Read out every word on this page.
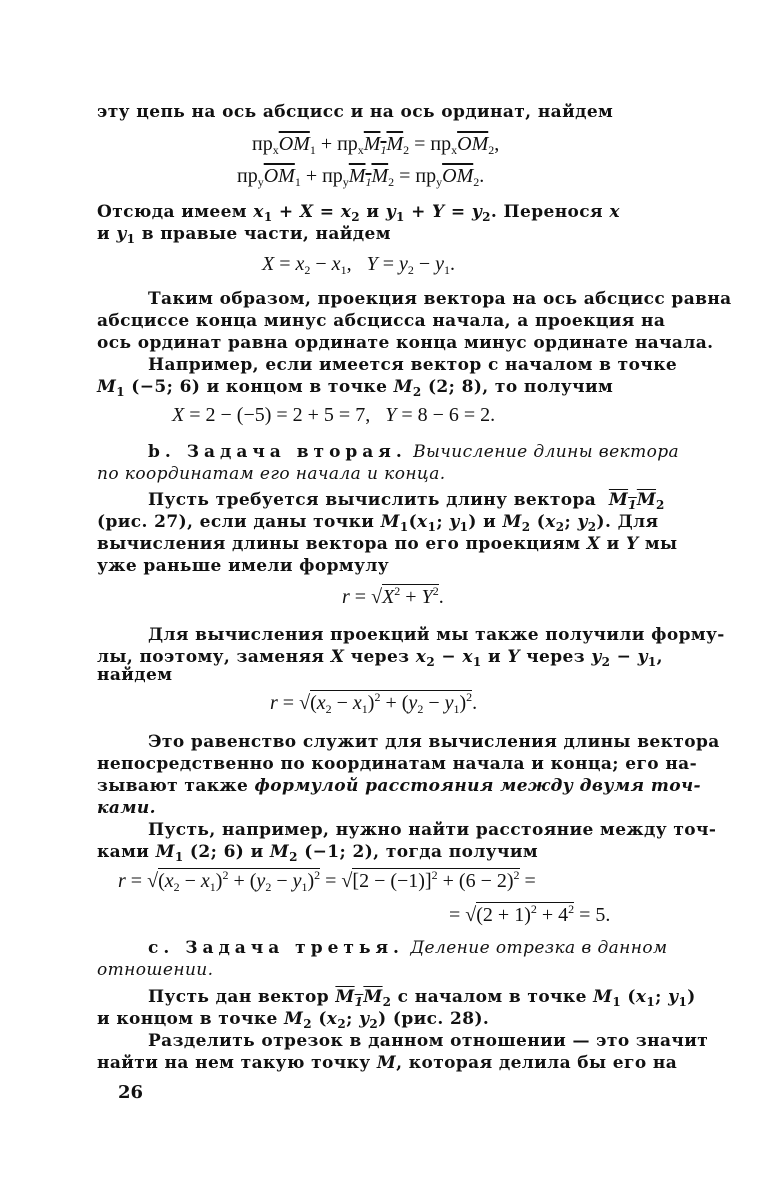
эту цепь на ось абсцисс и на ось ординат, найдем
$пр_x\overline{OM}_1 + пр_xM_1M_2 = пр_x\overline{OM}_2$,
$пр_y\overline{OM}_1 + пр_yM_1M_2 = пр_y\overline{OM}_2$.
Отсюда имеем $x_1 + X = x_2$ и $y_1 + Y = y_2$. Перенося x
и $y_1$ в правые части, найдем
$X = x_2 - x_1$,   $Y = y_2 - y_1$.
Таким образом, проекция вектора на ось абсцисс равна
абсциссе конца минус абсцисса начала, а проекция на
ось ординат равна ординате конца минус ординате начала.
Например, если имеется вектор с началом в точке
$M_1$ (−5; 6) и концом в точке $M_2$ (2; 8), то получим
X = 2 − (−5) = 2 + 5 = 7,   Y = 8 − 6 = 2.
b. Задача вторая. Вычисление длины вектора
по координатам его начала и конца.
Пусть требуется вычислить длину вектора $M_1M_2$
(рис. 27), если даны точки $M_1(x_1$; $y_1$) и $M_2$ ($x_2$; $y_2$). Для
вычисления длины вектора по его проекциям X и Y мы
уже раньше имели формулу
$r = √X^2 + Y^2$.
Для вычисления проекций мы также получили форму-
лы, поэтому, заменяя X через $x_2 - x_1$ и Y через $y_2 - y_1$,
найдем
$r = √(x_2 - x_1)^2 + (y_2 - y_1)^2$.
Это равенство служит для вычисления длины вектора
непосредственно по координатам начала и конца; его на-
зывают также формулой расстояния между двумя точ-
ками.
Пусть, например, нужно найти расстояние между точ-
ками $M_1$ (2; 6) и $M_2$ (−1; 2), тогда получим
$r = √(x_2 - x_1)^2 + (y_2 - y_1)^2 = √[2 - (-1)]^2 + (6 - 2)^2$ =
= $√(2 + 1)^2 + 4^2 = 5$.
c. Задача третья. Деление отрезка в данном
отношении.
Пусть дан вектор $M_1M_2$ с началом в точке $M_1$ ($x_1$; $y_1$)
и концом в точке $M_2$ ($x_2$; $y_2$) (рис. 28).
Разделить отрезок в данном отношении — это значит
найти на нем такую точку M, которая делила бы его на
26
